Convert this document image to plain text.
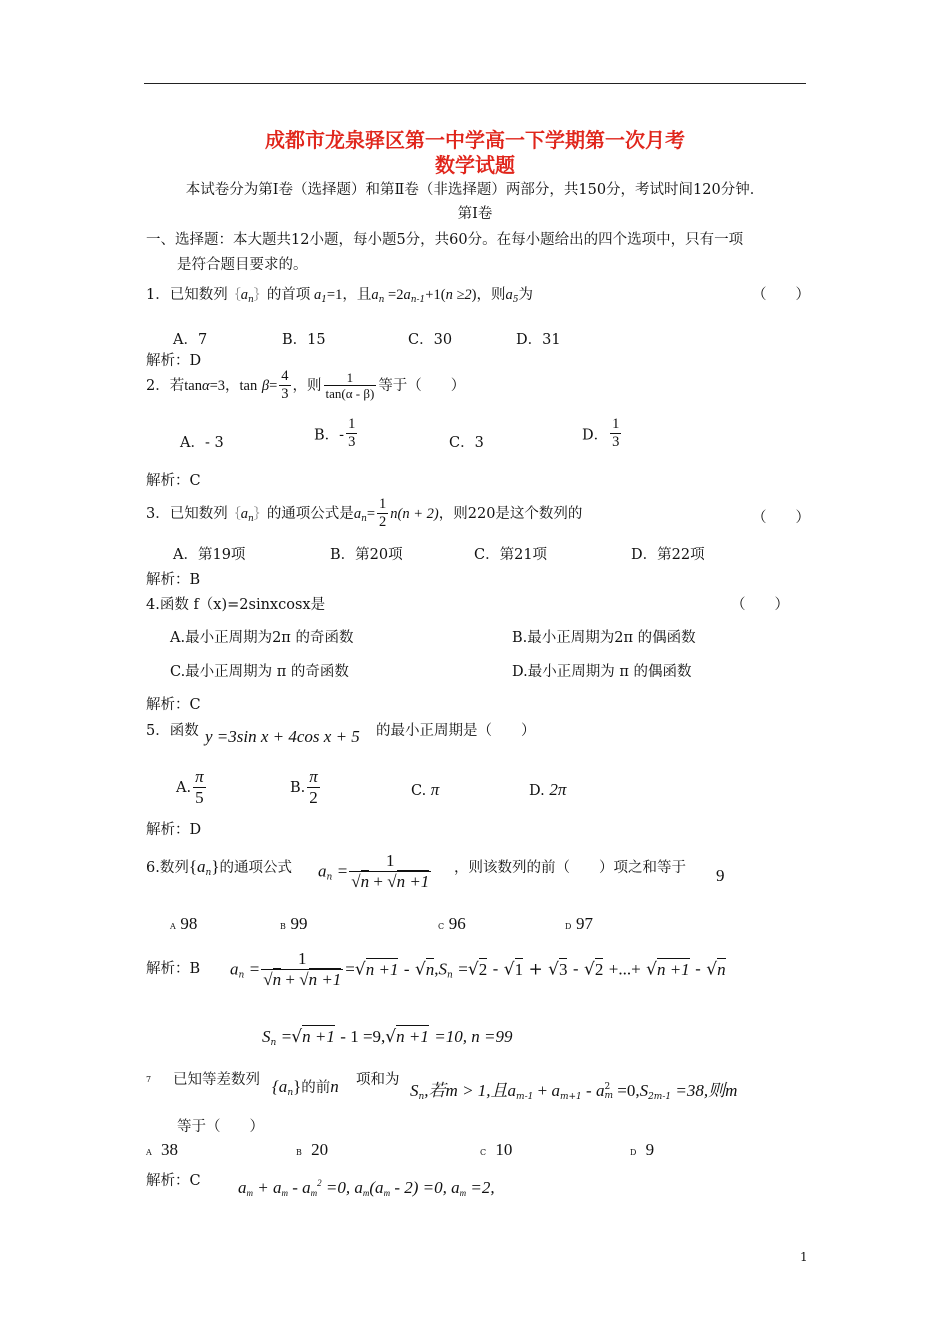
成都市龙泉驿区第一中学高一下学期第一次月考
数学试题
本试卷分为第Ⅰ卷（选择题）和第Ⅱ卷（非选择题）两部分，共150分，考试时间120分钟．
第Ⅰ卷
一、选择题：本大题共12小题，每小题5分，共60分。在每小题给出的四个选项中，只有一项
是符合题目要求的。
1．已知数列$\{a_n\}$的首项 $a_1=1$，且$a_n =2a_{n-1}+1(n \ge 2)$，则$a_5$为	（　　）
A．7	B．15	C．30	D．31
解析：D
2．若tanα=3，$\tan \beta= \frac{4}{3}$ ，则 $\frac{1}{\tan(\alpha - \beta)}$ 等于（　　）
A．- 3	B．- $\frac{1}{3}$	C．3	D． $\frac{1}{3}$
解析：C
3．已知数列$\{a_n\}$的通项公式是$a_n= \frac{1}{2} n(n + 2)$，则220是这个数列的	（　　）
A．第19项	B．第20项	C．第21项	D．第22项
解析：B
4.函数 f（x)=2sinxcosx是	（　　）
A.最小正周期为2π 的奇函数	B.最小正周期为2π 的偶函数
C.最小正周期为 π 的奇函数	D.最小正周期为 π 的偶函数
解析：C
5．函数 y =3sin x + 4cos x + 5 的最小正周期是（　　）
A. $\frac{\pi}{5}$	B. $\frac{\pi}{2}$	C. π	D. 2π
解析：D
6.数列$\{a_n\}$的通项公式 $a_n = \frac{1}{√n + √n +1}$ ，则该数列的前（　　）项之和等于 9
A 98	B 99	C 96	D 97
解析：B $a_n = \frac{1}{√n + √n +1} =√n +1 - √n,S_n =√2 - √1 + √3 - √2$ +...+ √n +1 - √n
$S_n =√n +1 - 1 =9,√n +1 =10$, n =99
7 已知等差数列 $\{a_n\}$的前n 项和为
$S_n$,若m > 1,且$a_{m-1} + a_{m+1} - a$ 2
$m =0,S_{2m-1} =38$,则m
等于（　　）
A 38	B 20	C 10	D 9
解析：C $a_m + a_m - a_m^2 =0$, $a_m(a_m - 2) =0$, $a_m =2$,
1
